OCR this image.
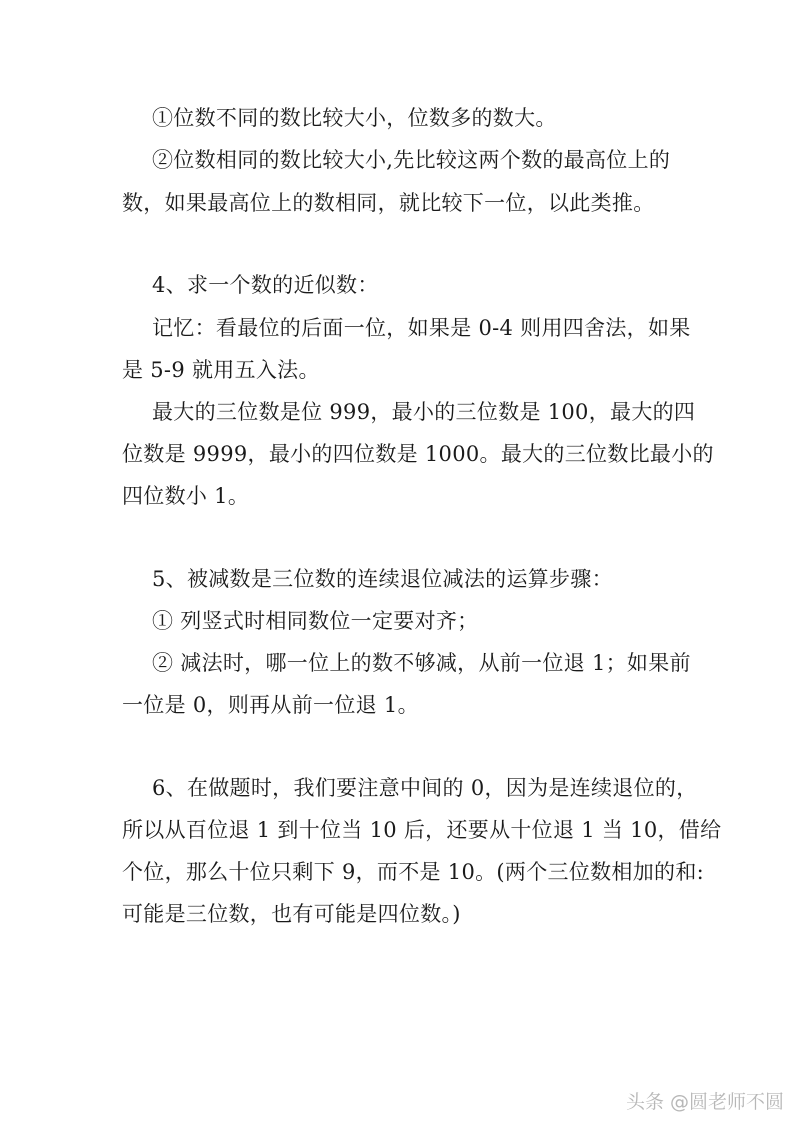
①位数不同的数比较大小，位数多的数大。
②位数相同的数比较大小,先比较这两个数的最高位上的
数，如果最高位上的数相同，就比较下一位，以此类推。
4、求一个数的近似数：
记忆：看最位的后面一位，如果是 0-4 则用四舍法，如果
是 5-9 就用五入法。
最大的三位数是位 999，最小的三位数是 100，最大的四
位数是 9999，最小的四位数是 1000。最大的三位数比最小的
四位数小 1。
5、被减数是三位数的连续退位减法的运算步骤：
① 列竖式时相同数位一定要对齐；
② 减法时，哪一位上的数不够减，从前一位退 1；如果前
一位是 0，则再从前一位退 1。
6、在做题时，我们要注意中间的 0，因为是连续退位的，
所以从百位退 1 到十位当 10 后，还要从十位退 1 当 10，借给
个位，那么十位只剩下 9，而不是 10。(两个三位数相加的和:
可能是三位数，也有可能是四位数。)
头条 @圆老师不圆
